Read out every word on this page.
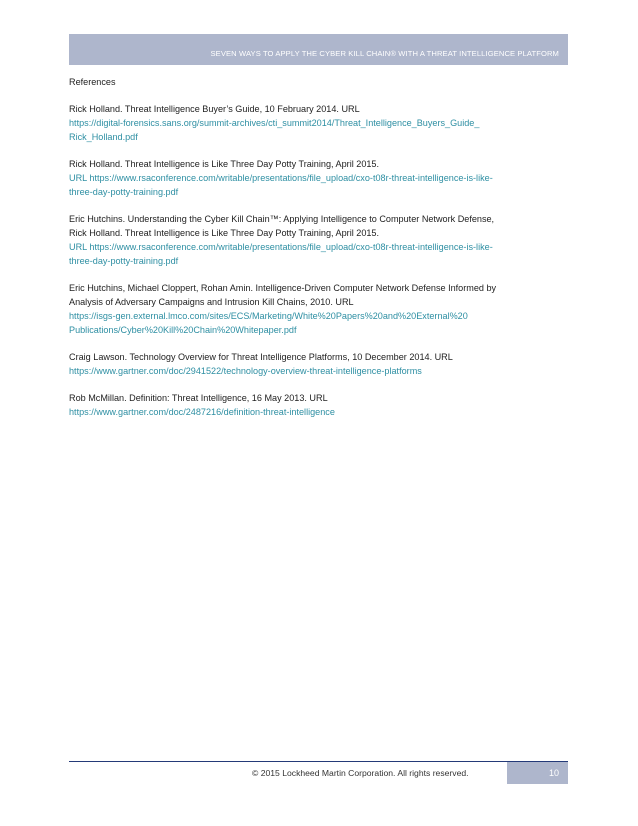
SEVEN WAYS TO APPLY THE CYBER KILL CHAIN® WITH A THREAT INTELLIGENCE PLATFORM
References
Rick Holland. Threat Intelligence Buyer’s Guide, 10 February 2014. URL
https://digital-forensics.sans.org/summit-archives/cti_summit2014/Threat_Intelligence_Buyers_Guide_
Rick_Holland.pdf
Rick Holland. Threat Intelligence is Like Three Day Potty Training, April 2015.
URL https://www.rsaconference.com/writable/presentations/file_upload/cxo-t08r-threat-intelligence-is-like-
three-day-potty-training.pdf
Eric Hutchins. Understanding the Cyber Kill Chain™: Applying Intelligence to Computer Network Defense,
Rick Holland. Threat Intelligence is Like Three Day Potty Training, April 2015.
URL https://www.rsaconference.com/writable/presentations/file_upload/cxo-t08r-threat-intelligence-is-like-
three-day-potty-training.pdf
Eric Hutchins, Michael Cloppert, Rohan Amin. Intelligence-Driven Computer Network Defense Informed by
Analysis of Adversary Campaigns and Intrusion Kill Chains, 2010. URL
https://isgs-gen.external.lmco.com/sites/ECS/Marketing/White%20Papers%20and%20External%20
Publications/Cyber%20Kill%20Chain%20Whitepaper.pdf
Craig Lawson. Technology Overview for Threat Intelligence Platforms, 10 December 2014. URL
https://www.gartner.com/doc/2941522/technology-overview-threat-intelligence-platforms
Rob McMillan. Definition: Threat Intelligence, 16 May 2013. URL
https://www.gartner.com/doc/2487216/definition-threat-intelligence
© 2015 Lockheed Martin Corporation. All rights reserved.	10
